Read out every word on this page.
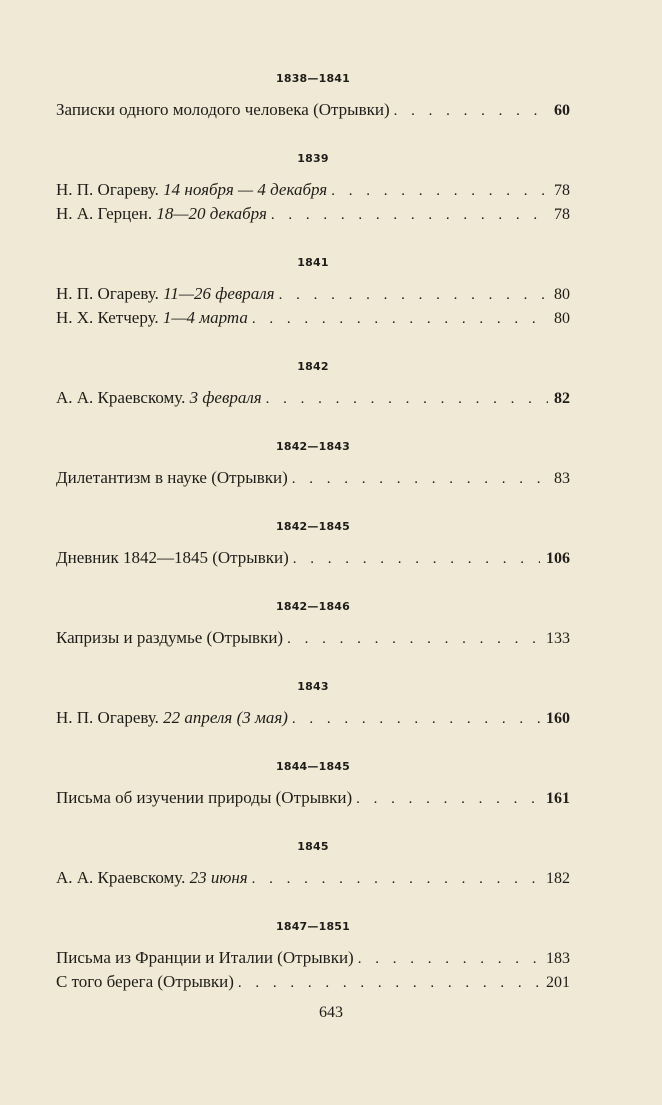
1838—1841
Записки одного молодого человека (Отрывки) . . .	60
1839
Н. П. Огареву. 14 ноября — 4 декабря . . .	78
Н. А. Герцен. 18—20 декабря . . .	78
1841
Н. П. Огареву. 11—26 февраля . . .	80
Н. Х. Кетчеру. 1—4 марта . . .	80
1842
А. А. Краевскому. 3 февраля . . .	82
1842—1843
Дилетантизм в науке (Отрывки) . . .	83
1842—1845
Дневник 1842—1845 (Отрывки) . . .	106
1842—1846
Капризы и раздумье (Отрывки) . . .	133
1843
Н. П. Огареву. 22 апреля (3 мая) . . .	160
1844—1845
Письма об изучении природы (Отрывки) . . .	161
1845
А. А. Краевскому. 23 июня . . .	182
1847—1851
Письма из Франции и Италии (Отрывки) . . .	183
С того берега (Отрывки) . . .	201
643
